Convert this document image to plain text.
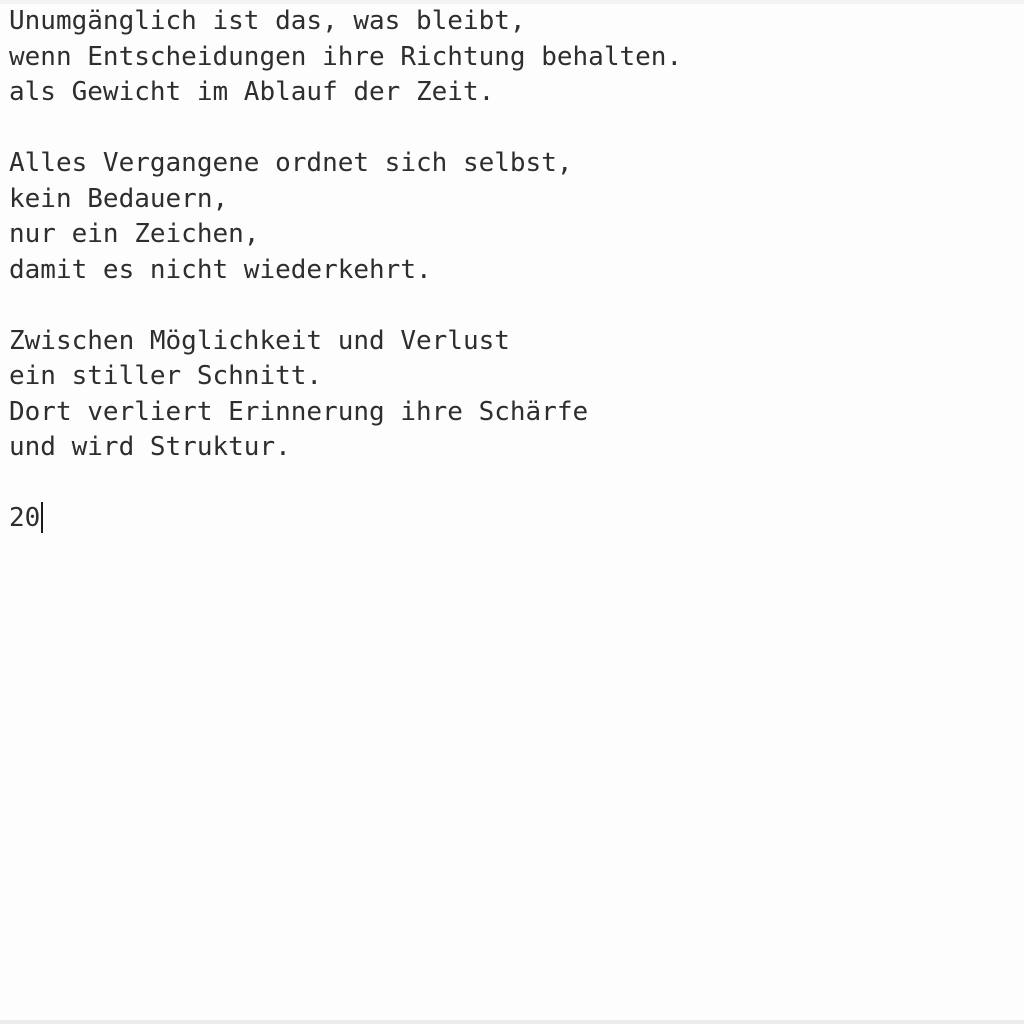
Unumgänglich ist das, was bleibt,
wenn Entscheidungen ihre Richtung behalten.
als Gewicht im Ablauf der Zeit.

Alles Vergangene ordnet sich selbst,
kein Bedauern,
nur ein Zeichen,
damit es nicht wiederkehrt.

Zwischen Möglichkeit und Verlust
ein stiller Schnitt.
Dort verliert Erinnerung ihre Schärfe
und wird Struktur.

20
